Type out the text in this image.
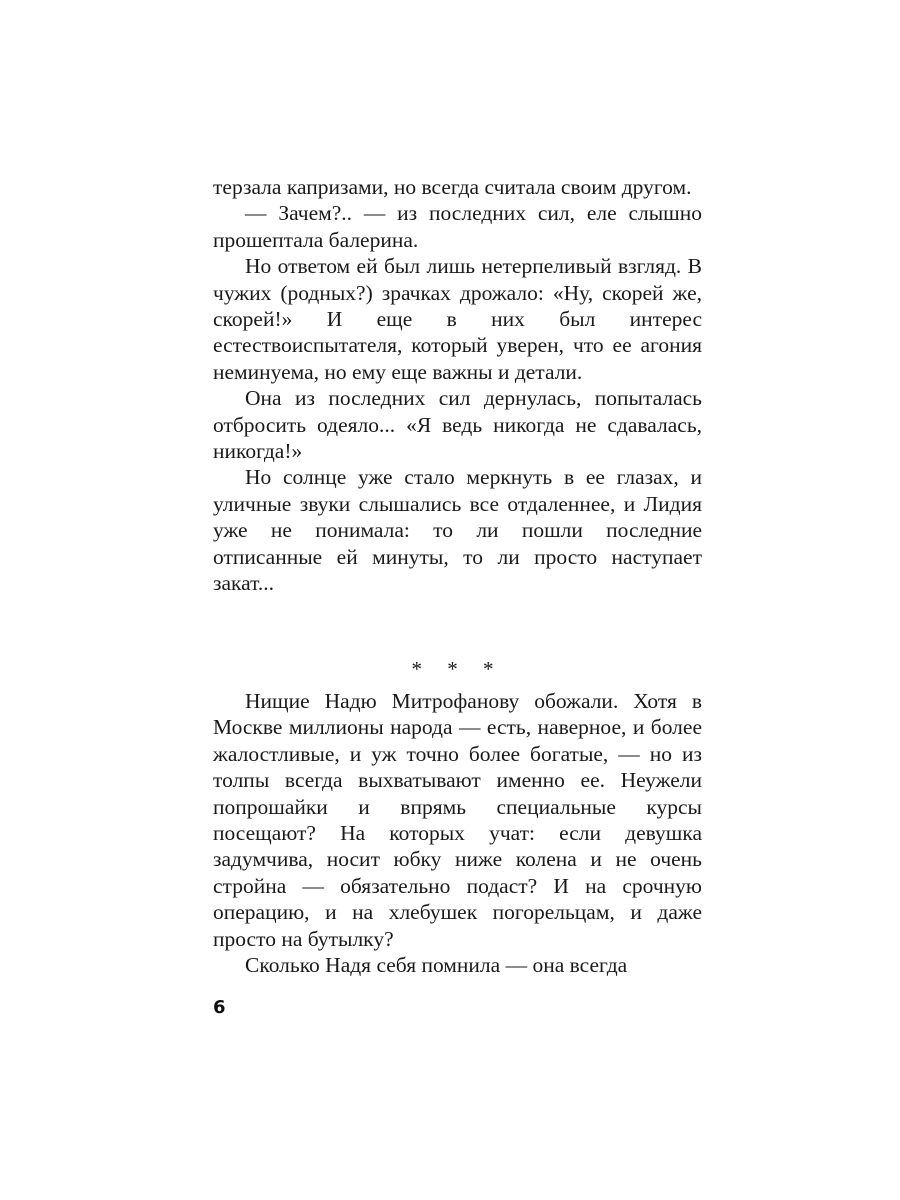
терзала капризами, но всегда считала своим другом.

— Зачем?.. — из последних сил, еле слышно прошептала балерина.

Но ответом ей был лишь нетерпеливый взгляд. В чужих (родных?) зрачках дрожало: «Ну, скорей же, скорей!» И еще в них был интерес естествоиспытателя, который уверен, что ее агония неминуема, но ему еще важны и детали.

Она из последних сил дернулась, попыталась отбросить одеяло... «Я ведь никогда не сдавалась, никогда!»

Но солнце уже стало меркнуть в ее глазах, и уличные звуки слышались все отдаленнее, и Лидия уже не понимала: то ли пошли последние отписанные ей минуты, то ли просто наступает закат...

* * *

Нищие Надю Митрофанову обожали. Хотя в Москве миллионы народа — есть, наверное, и более жалостливые, и уж точно более богатые, — но из толпы всегда выхватывают именно ее. Неужели попрошайки и впрямь специальные курсы посещают? На которых учат: если девушка задумчива, носит юбку ниже колена и не очень стройна — обязательно подаст? И на срочную операцию, и на хлебушек погорельцам, и даже просто на бутылку?

Сколько Надя себя помнила — она всегда

6
